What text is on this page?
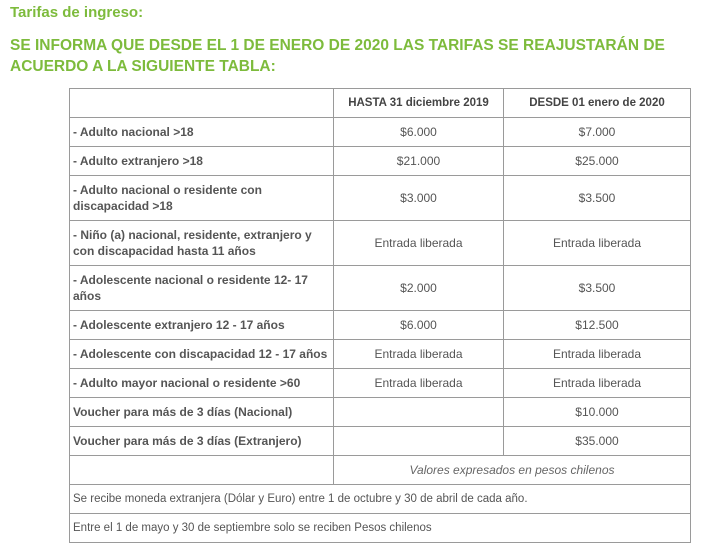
Tarifas de ingreso:
SE INFORMA QUE DESDE EL 1 DE ENERO DE 2020 LAS TARIFAS SE REAJUSTARÁN DE ACUERDO A LA SIGUIENTE TABLA:
	HASTA 31 diciembre 2019	DESDE 01 enero de 2020
- Adulto nacional >18	$6.000	$7.000
- Adulto extranjero >18	$21.000	$25.000
- Adulto nacional o residente con discapacidad >18	$3.000	$3.500
- Niño (a) nacional, residente, extranjero y con discapacidad hasta 11 años	Entrada liberada	Entrada liberada
- Adolescente nacional o residente 12- 17 años	$2.000	$3.500
- Adolescente extranjero 12 - 17 años	$6.000	$12.500
- Adolescente con discapacidad 12 - 17 años	Entrada liberada	Entrada liberada
- Adulto mayor nacional o residente >60	Entrada liberada	Entrada liberada
Voucher para más de 3 días (Nacional)		$10.000
Voucher para más de 3 días (Extranjero)		$35.000
	Valores expresados en pesos chilenos	
Se recibe moneda extranjera (Dólar y Euro) entre 1 de octubre y 30 de abril de cada año.		
Entre el 1 de mayo y 30 de septiembre solo se reciben Pesos chilenos		
